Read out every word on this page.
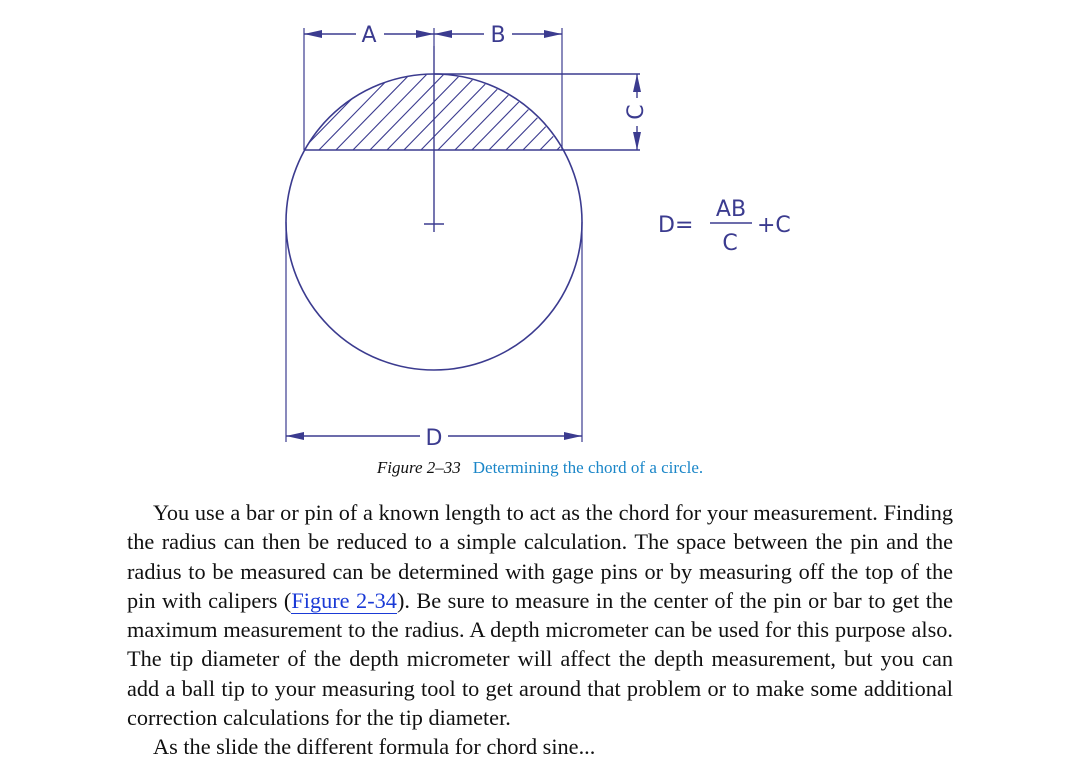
A	B
C
D
D=
AB
C
+C
Figure 2–33 Determining the chord of a circle.

You use a bar or pin of a known length to act as the chord for your measurement. Finding the radius can then be reduced to a simple calculation. The space between the pin and the radius to be measured can be determined with gage pins or by measuring off the top of the pin with calipers (Figure 2-34). Be sure to measure in the center of the pin or bar to get the maximum measurement to the radius. A depth micrometer can be used for this purpose also. The tip diameter of the depth micrometer will affect the depth measurement, but you can add a ball tip to your measuring tool to get around that problem or to make some additional correction calculations for the tip diameter.

As the slide the different formula for chord sine...
